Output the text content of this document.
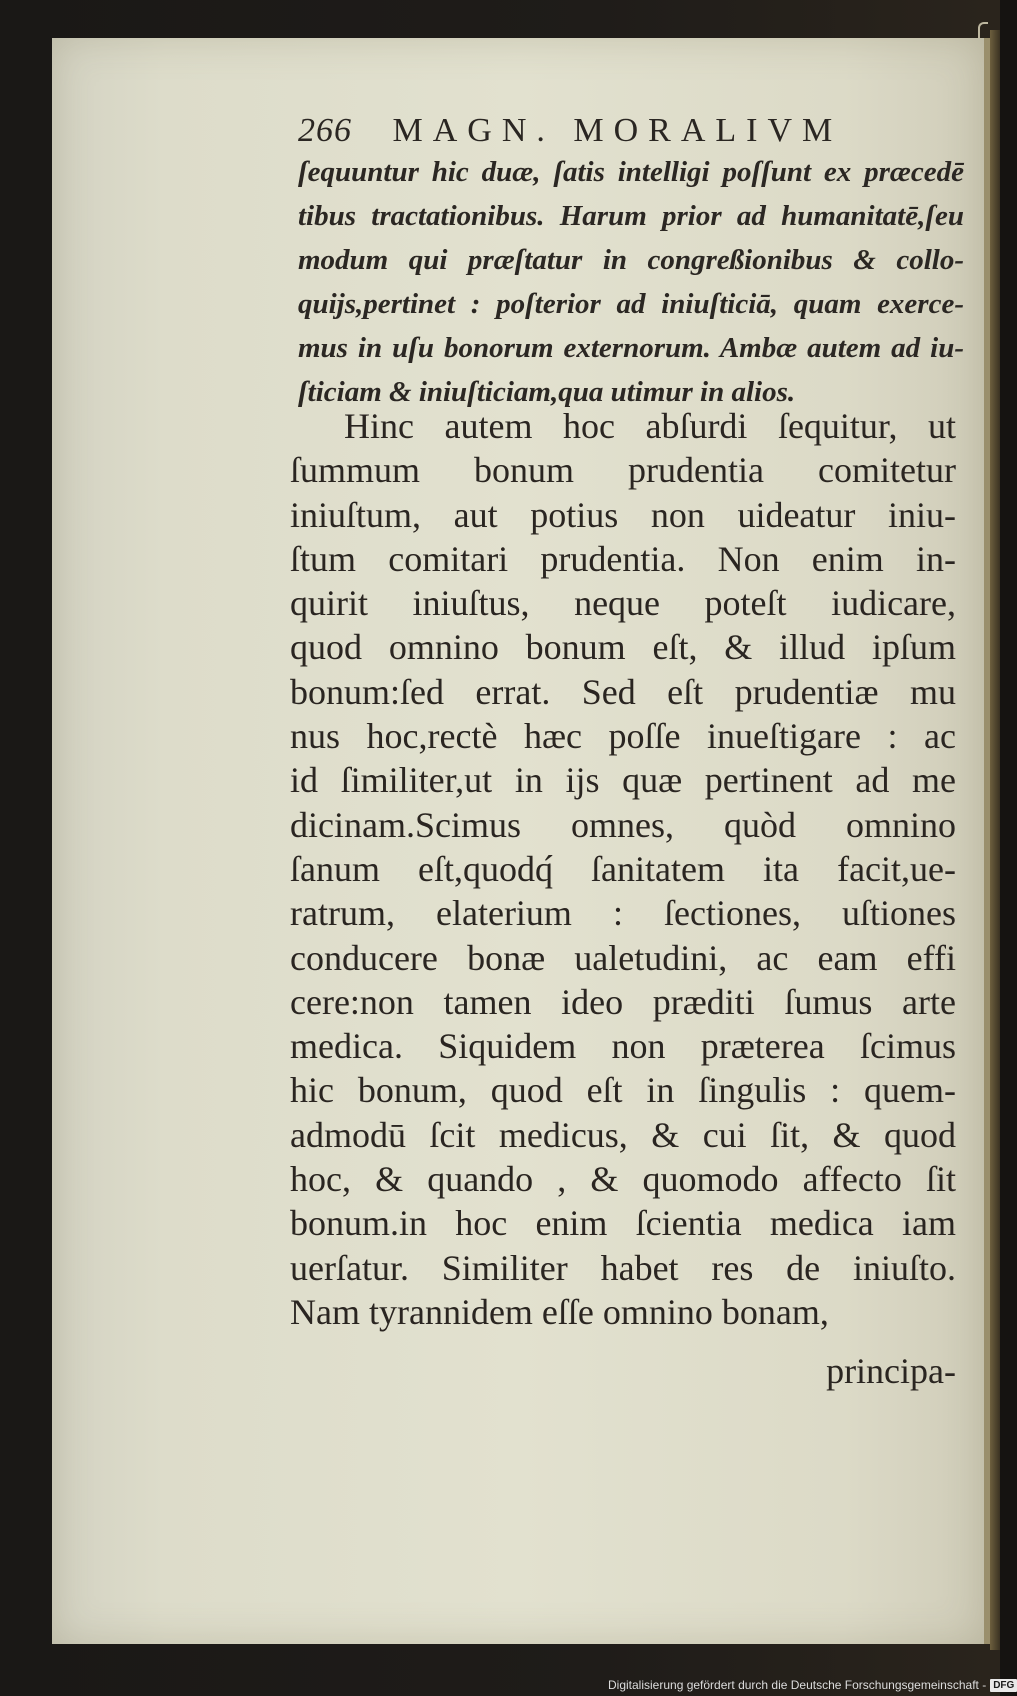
266 MAGN. MORALIVM
ſequuntur hic duæ, ſatis intelligi poſſunt ex præcedē
tibus tractationibus. Harum prior ad humanitatē,ſeu
modum qui præſtatur in congreßionibus & collo-
quijs,pertinet : poſterior ad iniuſticiā, quam exerce-
mus in uſu bonorum externorum. Ambæ autem ad iu-
ſticiam & iniuſticiam,qua utimur in alios.
Hinc autem hoc abſurdi ſequitur, ut
ſummum bonum prudentia comitetur
iniuſtum, aut potius non uideatur iniu-
ſtum comitari prudentia. Non enim in-
quirit iniuſtus, neque poteſt iudicare,
quod omnino bonum eſt, & illud ipſum
bonum:ſed errat. Sed eſt prudentiæ mu
nus hoc,rectè hæc poſſe inueſtigare : ac
id ſimiliter,ut in ijs quæ pertinent ad me
dicinam.Scimus omnes, quòd omnino
ſanum eſt,quodq́ ſanitatem ita facit,ue-
ratrum, elaterium : ſectiones, uſtiones
conducere bonæ ualetudini, ac eam effi
cere:non tamen ideo præditi ſumus arte
medica. Siquidem non præterea ſcimus
hic bonum, quod eſt in ſingulis : quem-
admodū ſcit medicus, & cui ſit, & quod
hoc, & quando , & quomodo affecto ſit
bonum.in hoc enim ſcientia medica iam
uerſatur. Similiter habet res de iniuſto.
Nam tyrannidem eſſe omnino bonam,
principa-
Digitalisierung gefördert durch die Deutsche Forschungsgemeinschaft - DFG
